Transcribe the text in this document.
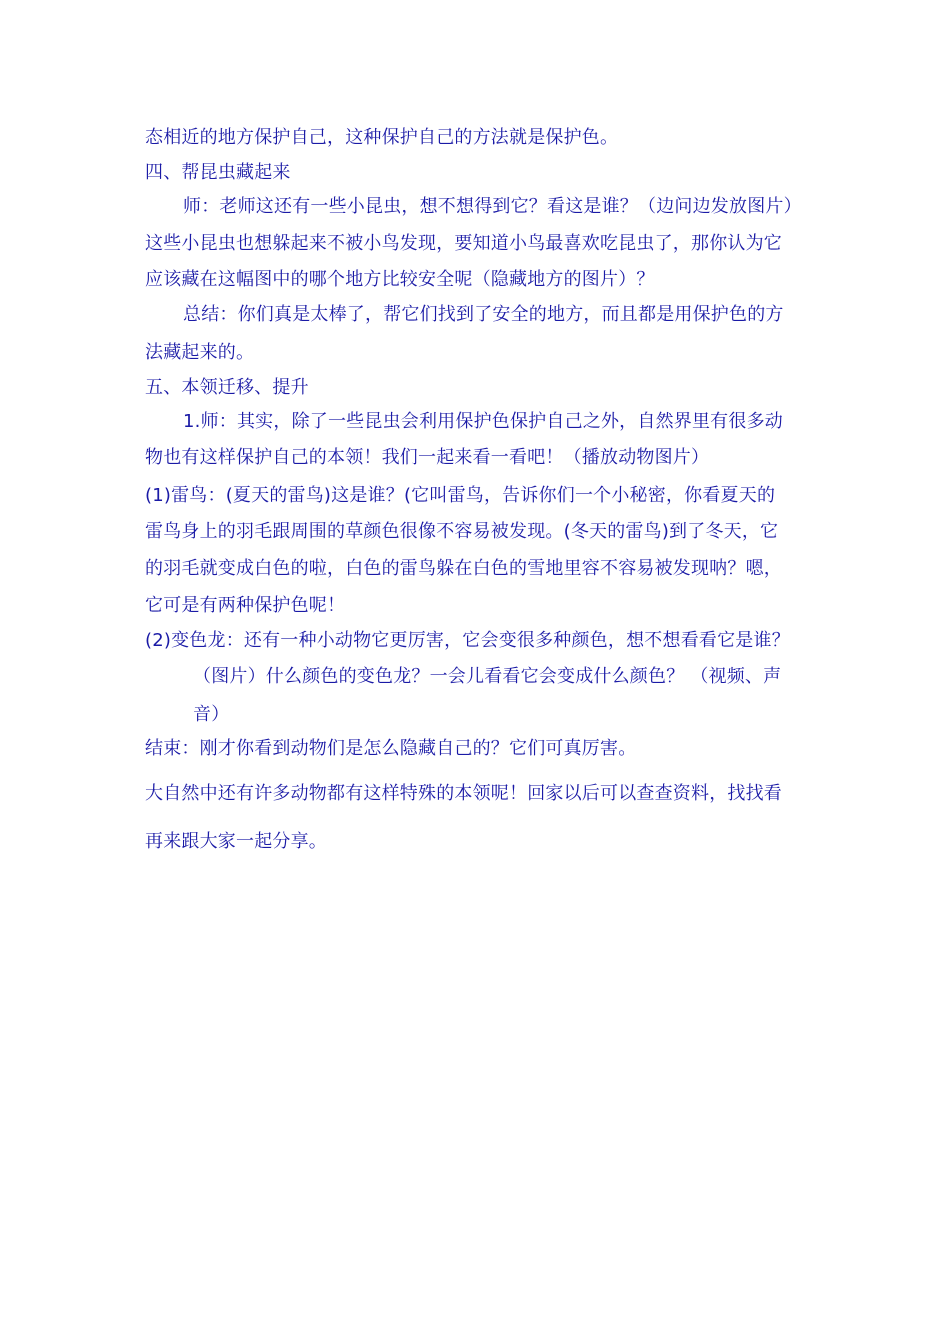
态相近的地方保护自己，这种保护自己的方法就是保护色。
四、帮昆虫藏起来
师：老师这还有一些小昆虫，想不想得到它？看这是谁？（边问边发放图片）
这些小昆虫也想躲起来不被小鸟发现，要知道小鸟最喜欢吃昆虫了，那你认为它
应该藏在这幅图中的哪个地方比较安全呢（隐藏地方的图片）？
总结：你们真是太棒了，帮它们找到了安全的地方，而且都是用保护色的方
法藏起来的。
五、本领迁移、提升
1.师：其实，除了一些昆虫会利用保护色保护自己之外，自然界里有很多动
物也有这样保护自己的本领！我们一起来看一看吧！（播放动物图片）
(1)雷鸟：(夏天的雷鸟)这是谁？(它叫雷鸟，告诉你们一个小秘密，你看夏天的
雷鸟身上的羽毛跟周围的草颜色很像不容易被发现。(冬天的雷鸟)到了冬天，它
的羽毛就变成白色的啦，白色的雷鸟躲在白色的雪地里容不容易被发现呐？嗯，
它可是有两种保护色呢！
(2)变色龙：还有一种小动物它更厉害，它会变很多种颜色，想不想看看它是谁？
（图片）什么颜色的变色龙？一会儿看看它会变成什么颜色？ （视频、声
音）
结束：刚才你看到动物们是怎么隐藏自己的？它们可真厉害。
大自然中还有许多动物都有这样特殊的本领呢！回家以后可以查查资料，找找看
再来跟大家一起分享。
